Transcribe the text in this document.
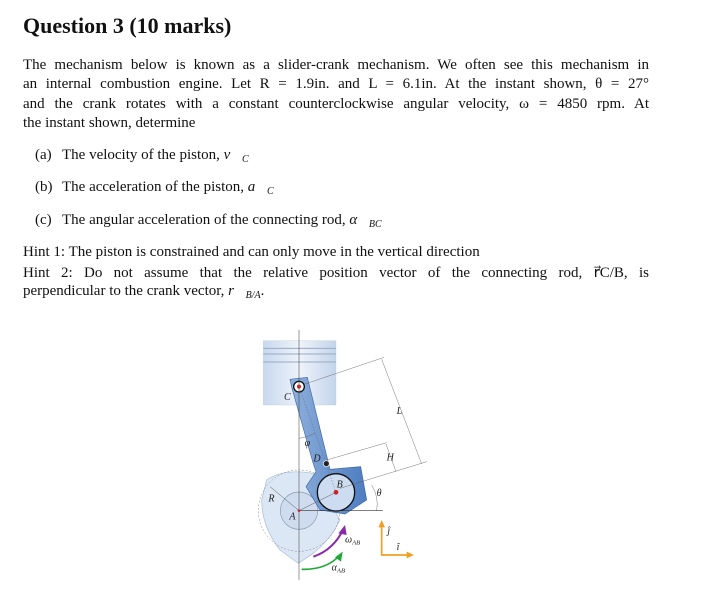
Question 3 (10 marks)
The mechanism below is known as a slider-crank mechanism. We often see this mechanism in
an internal combustion engine. Let R = 1.9in. and L = 6.1in. At the instant shown, θ = 27°
and the crank rotates with a constant counterclockwise angular velocity, ω = 4850 rpm. At
the instant shown, determine
(a) The velocity of the piston, $v⃗_C$
(b) The acceleration of the piston, $a⃗_C$
(c) The angular acceleration of the connecting rod, $\alpha⃗_{BC}$
Hint 1: The piston is constrained and can only move in the vertical direction
Hint 2: Do not assume that the relative position vector of the connecting rod, r⃗C/B, is
perpendicular to the crank vector, $r⃗_{B/A}$.
C
D
L
H
R
A
B
θ
φ
$\omega_{AB}$
$\alpha_{AB}$
ĵ
î
